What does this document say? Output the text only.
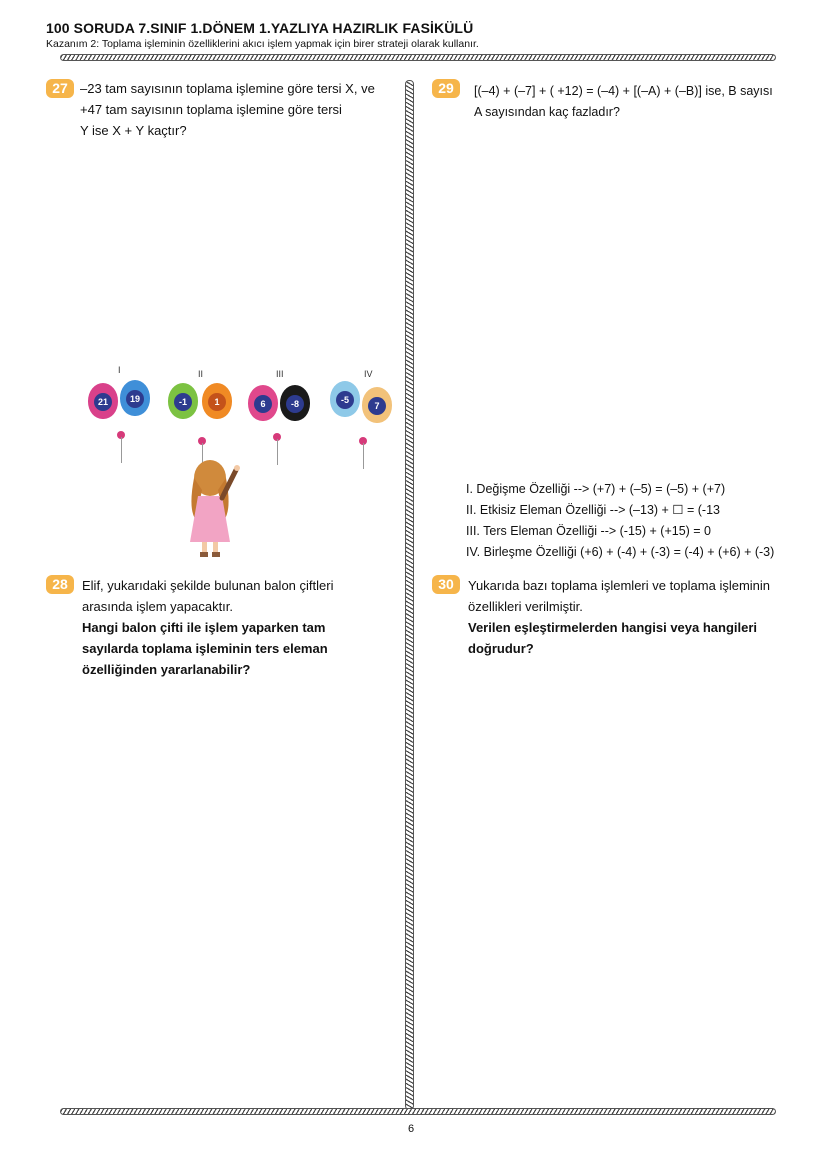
100 SORUDA 7.SINIF 1.DÖNEM 1.YAZLIYA HAZIRLIK FASİKÜLÜ
Kazanım 2: Toplama işleminin özelliklerini akıcı işlem yapmak için birer strateji olarak kullanır.
27 –23 tam sayısının toplama işlemine göre tersi X, ve
+47 tam sayısının toplama işlemine göre tersi
Y ise X + Y kaçtır?
29	[(–4) + (–7] + ( +12) = (–4) + [(–A) + (–B)] ise, B sayısı
A sayısından kaç fazladır?
I
21	19
II
-1	1
III
6	-8
IV
-5
7
28	Elif, yukarıdaki şekilde bulunan balon çiftleri
arasında işlem yapacaktır.
Hangi balon çifti ile işlem yaparken tam
sayılarda toplama işleminin ters eleman
özelliğinden yararlanabilir?
I. Değişme Özelliği --> (+7) + (–5) = (–5) + (+7)
II. Etkisiz Eleman Özelliği --> (–13) + ☐ = (-13
III. Ters Eleman Özelliği --> (-15) + (+15) = 0
IV. Birleşme Özelliği (+6) + (-4) + (-3) = (-4) + (+6) + (-3)
30	Yukarıda bazı toplama işlemleri ve toplama işleminin
özellikleri verilmiştir.
Verilen eşleştirmelerden hangisi veya hangileri
doğrudur?
6
